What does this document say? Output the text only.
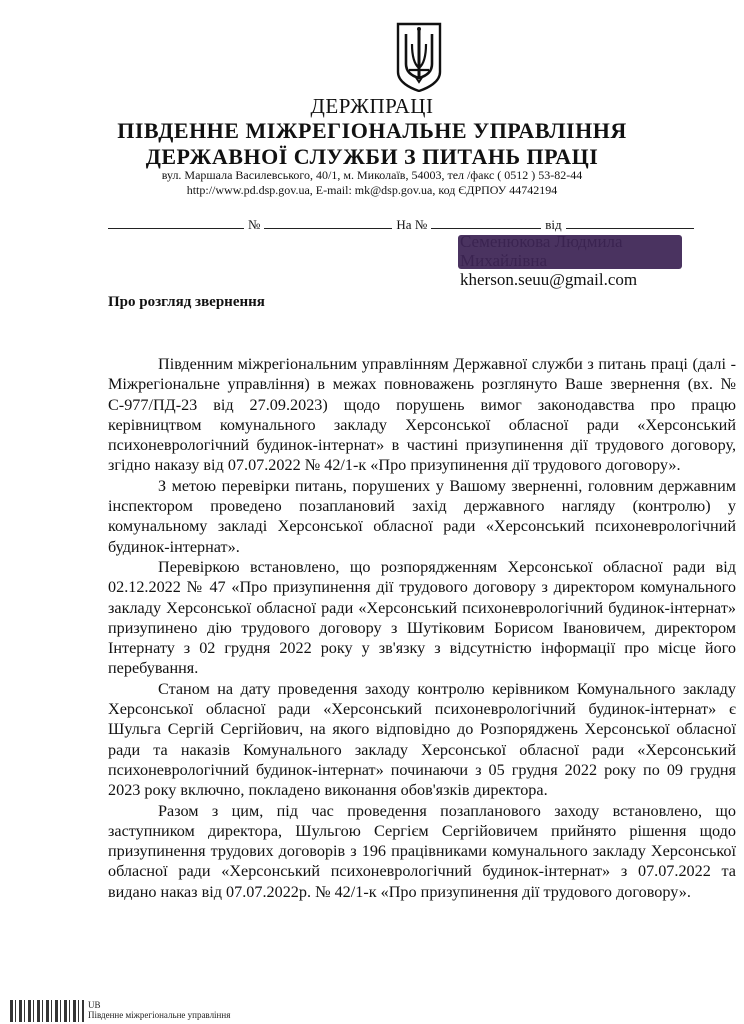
ДЕРЖПРАЦІ
ПІВДЕННЕ МІЖРЕГІОНАЛЬНЕ УПРАВЛІННЯ
ДЕРЖАВНОЇ СЛУЖБИ З ПИТАНЬ ПРАЦІ
вул. Маршала Василевського, 40/1, м. Миколаїв, 54003, тел /факс ( 0512 ) 53-82-44
http://www.pd.dsp.gov.ua, E-mail: mk@dsp.gov.ua, код ЄДРПОУ 44742194
№	На №	від
kherson.seuu@gmail.com
Про розгляд звернення

Південним міжрегіональним управлінням Державної служби з питань праці (далі - Міжрегіональне управління) в межах повноважень розглянуто Ваше звернення (вх. № С-977/ПД-23 від 27.09.2023) щодо порушень вимог законодавства про працю керівництвом комунального закладу Херсонської обласної ради «Херсонський психоневрологічний будинок-інтернат» в частині призупинення дії трудового договору, згідно наказу від 07.07.2022 № 42/1-к «Про призупинення дії трудового договору».

З метою перевірки питань, порушених у Вашому зверненні, головним державним інспектором проведено позаплановий захід державного нагляду (контролю) у комунальному закладі Херсонської обласної ради «Херсонський психоневрологічний будинок-інтернат».

Перевіркою встановлено, що розпорядженням Херсонської обласної ради від 02.12.2022 № 47 «Про призупинення дії трудового договору з директором комунального закладу Херсонської обласної ради «Херсонський психоневрологічний будинок-інтернат» призупинено дію трудового договору з Шутіковим Борисом Івановичем, директором Інтернату з 02 грудня 2022 року у зв'язку з відсутністю інформації про місце його перебування.

Станом на дату проведення заходу контролю керівником Комунального закладу Херсонської обласної ради «Херсонський психоневрологічний будинок-інтернат» є Шульга Сергій Сергійович, на якого відповідно до Розпоряджень Херсонської обласної ради та наказів Комунального закладу Херсонської обласної ради «Херсонський психоневрологічний будинок-інтернат» починаючи з 05 грудня 2022 року по 09 грудня 2023 року включно, покладено виконання обов'язків директора.

Разом з цим, під час проведення позапланового заходу встановлено, що заступником директора, Шульгою Сергієм Сергійовичем прийнято рішення щодо призупинення трудових договорів з 196 працівниками комунального закладу Херсонської обласної ради «Херсонський психоневрологічний будинок-інтернат» з 07.07.2022 та видано наказ від 07.07.2022р. № 42/1-к «Про призупинення дії трудового договору».

UB
Південне міжрегіональне управління
